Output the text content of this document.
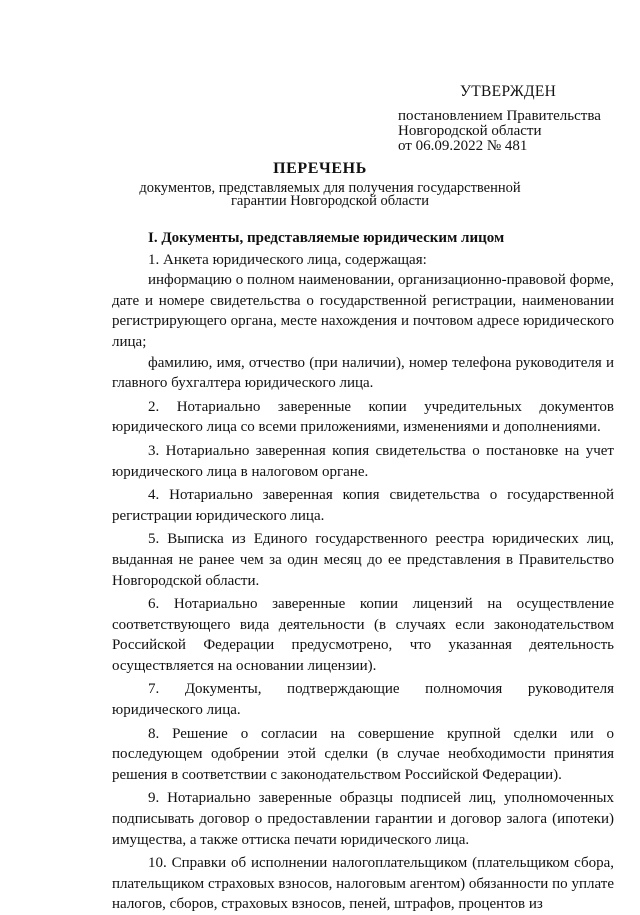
УТВЕРЖДЕН
постановлением Правительства
Новгородской области
от 06.09.2022 № 481
ПЕРЕЧЕНЬ
документов, представляемых для получения государственной гарантии Новгородской области

I. Документы, представляемые юридическим лицом

1. Анкета юридического лица, содержащая:

информацию о полном наименовании, организационно-правовой форме, дате и номере свидетельства о государственной регистрации, наименовании регистрирующего органа, месте нахождения и почтовом адресе юридического лица;

фамилию, имя, отчество (при наличии), номер телефона руководителя и главного бухгалтера юридического лица.

2. Нотариально заверенные копии учредительных документов юридического лица со всеми приложениями, изменениями и дополнениями.

3. Нотариально заверенная копия свидетельства о постановке на учет юридического лица в налоговом органе.

4. Нотариально заверенная копия свидетельства о государственной регистрации юридического лица.

5. Выписка из Единого государственного реестра юридических лиц, выданная не ранее чем за один месяц до ее представления в Правительство Новгородской области.

6. Нотариально заверенные копии лицензий на осуществление соответствующего вида деятельности (в случаях если законодательством Российской Федерации предусмотрено, что указанная деятельность осуществляется на основании лицензии).

7. Документы, подтверждающие полномочия руководителя юридического лица.

8. Решение о согласии на совершение крупной сделки или о последующем одобрении этой сделки (в случае необходимости принятия решения в соответствии с законодательством Российской Федерации).

9. Нотариально заверенные образцы подписей лиц, уполномоченных подписывать договор о предоставлении гарантии и договор залога (ипотеки) имущества, а также оттиска печати юридического лица.

10. Справки об исполнении налогоплательщиком (плательщиком сбора, плательщиком страховых взносов, налоговым агентом) обязанности по уплате налогов, сборов, страховых взносов, пеней, штрафов, процентов из
